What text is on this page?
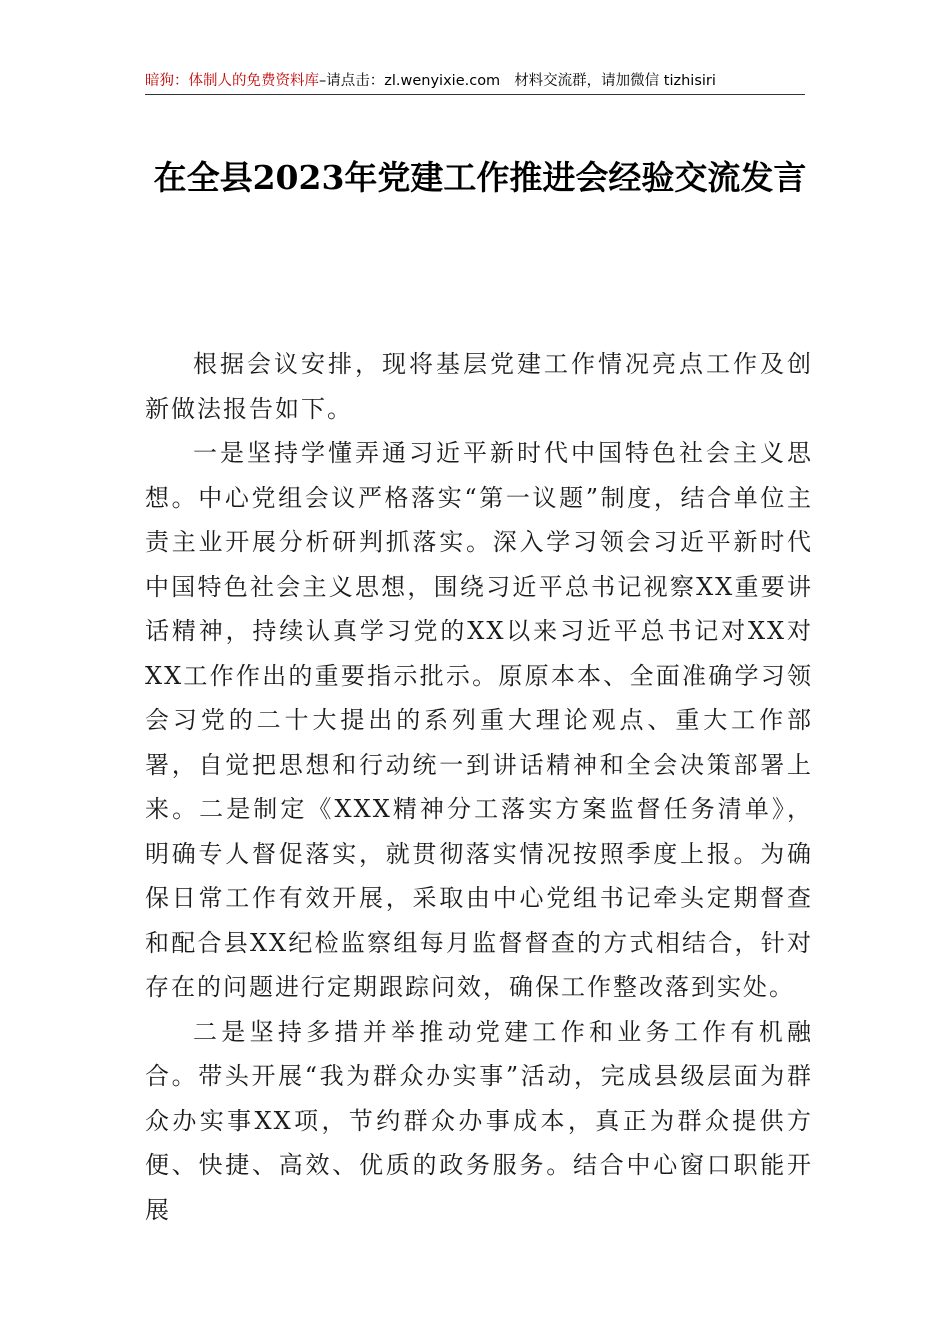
暗狗：体制人的免费资料库–请点击：zl.wenyixie.com 材料交流群，请加微信 tizhisiri
在全县2023年党建工作推进会经验交流发言

根据会议安排，现将基层党建工作情况亮点工作及创新做法报告如下。

一是坚持学懂弄通习近平新时代中国特色社会主义思想。中心党组会议严格落实“第一议题”制度，结合单位主责主业开展分析研判抓落实。深入学习领会习近平新时代中国特色社会主义思想，围绕习近平总书记视察XX重要讲话精神，持续认真学习党的XX以来习近平总书记对XX对XX工作作出的重要指示批示。原原本本、全面准确学习领会习党的二十大提出的系列重大理论观点、重大工作部署，自觉把思想和行动统一到讲话精神和全会决策部署上来。二是制定《XXX精神分工落实方案监督任务清单》，明确专人督促落实，就贯彻落实情况按照季度上报。为确保日常工作有效开展，采取由中心党组书记牵头定期督查和配合县XX纪检监察组每月监督督查的方式相结合，针对存在的问题进行定期跟踪问效，确保工作整改落到实处。

二是坚持多措并举推动党建工作和业务工作有机融合。带头开展“我为群众办实事”活动，完成县级层面为群众办实事XX项，节约群众办事成本，真正为群众提供方便、快捷、高效、优质的政务服务。结合中心窗口职能开展
